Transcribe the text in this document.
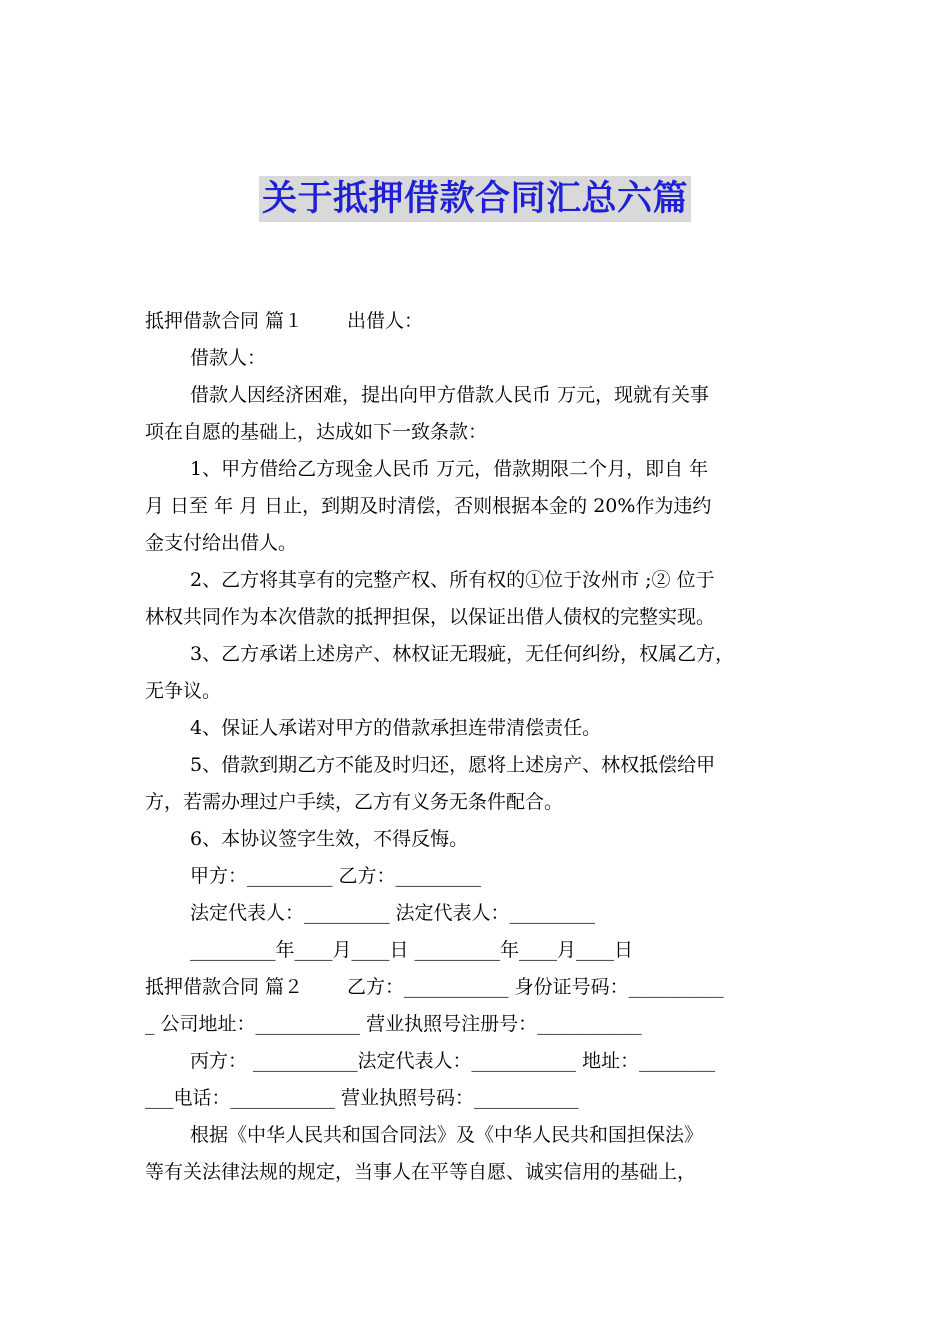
关于抵押借款合同汇总六篇

抵押借款合同 篇１ 出借人：

借款人：

借款人因经济困难，提出向甲方借款人民币 万元，现就有关事

项在自愿的基础上，达成如下一致条款：

1、甲方借给乙方现金人民币 万元，借款期限二个月，即自 年

月 日至 年 月 日止，到期及时清偿，否则根据本金的 20%作为违约

金支付给出借人。

2、乙方将其享有的完整产权、所有权的①位于汝州市 ;② 位于

林权共同作为本次借款的抵押担保，以保证出借人债权的完整实现。

3、乙方承诺上述房产、林权证无瑕疵，无任何纠纷，权属乙方，

无争议。

4、保证人承诺对甲方的借款承担连带清偿责任。

5、借款到期乙方不能及时归还，愿将上述房产、林权抵偿给甲

方，若需办理过户手续，乙方有义务无条件配合。

6、本协议签字生效，不得反悔。

甲方：_________ 乙方：_________

法定代表人：_________ 法定代表人：_________

_________年____月____日 _________年____月____日

抵押借款合同 篇２ 乙方：___________ 身份证号码：__________

_ 公司地址：___________ 营业执照号注册号：___________

丙方： ___________法定代表人：___________ 地址：________

___电话：___________ 营业执照号码：___________

根据《中华人民共和国合同法》及《中华人民共和国担保法》

等有关法律法规的规定，当事人在平等自愿、诚实信用的基础上，
